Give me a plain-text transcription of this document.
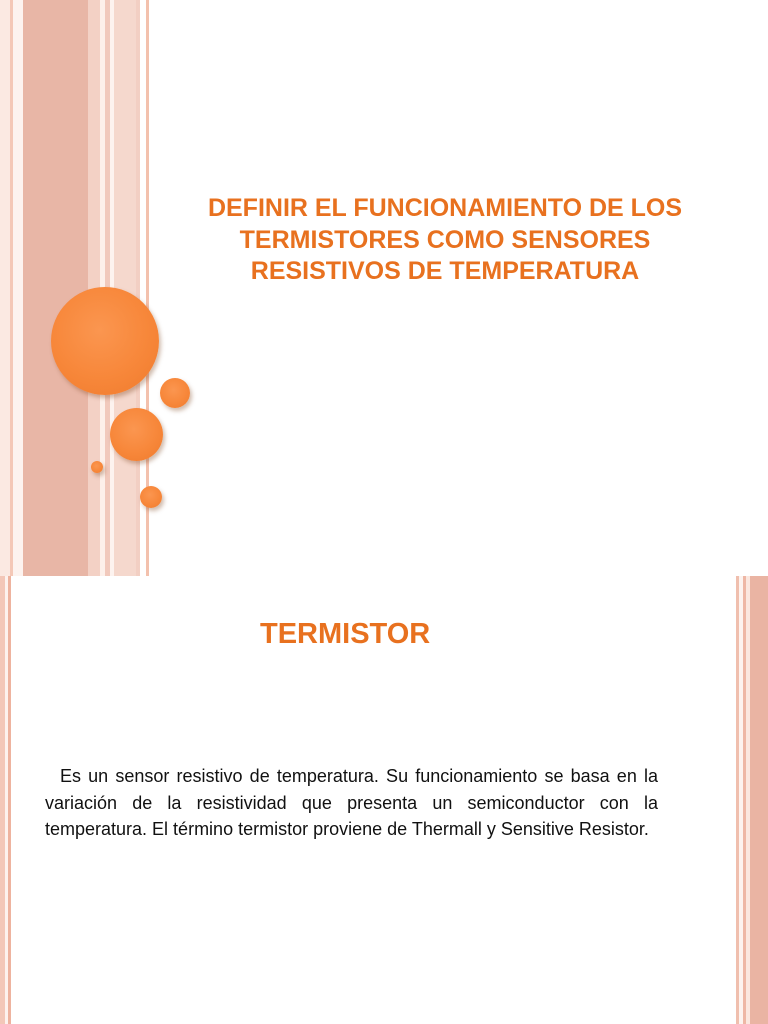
DEFINIR EL FUNCIONAMIENTO DE LOS TERMISTORES COMO SENSORES RESISTIVOS DE TEMPERATURA
TERMISTOR
Es un sensor resistivo de temperatura. Su funcionamiento se basa en la variación de la resistividad que presenta un semiconductor con la temperatura. El término termistor proviene de Thermall y Sensitive Resistor.
